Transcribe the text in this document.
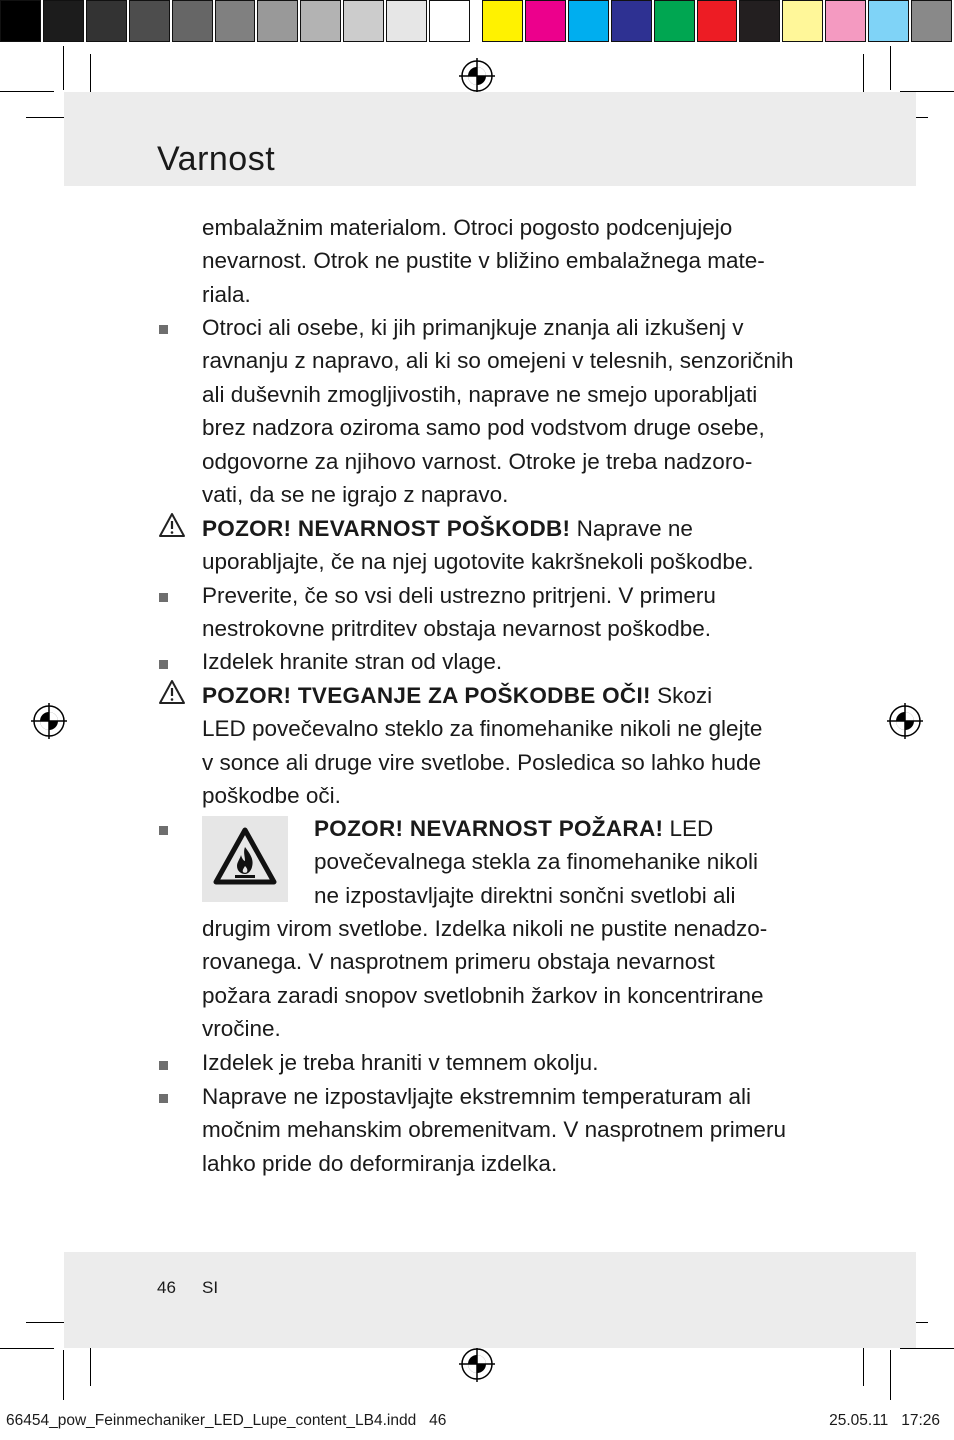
Varnost
embalažnim materialom. Otroci pogosto podcenjujejo
nevarnost. Otrok ne pustite v bližino embalažnega mate-
riala.
Otroci ali osebe, ki jih primanjkuje znanja ali izkušenj v
ravnanju z napravo, ali ki so omejeni v telesnih, senzoričnih
ali duševnih zmogljivostih, naprave ne smejo uporabljati
brez nadzora oziroma samo pod vodstvom druge osebe,
odgovorne za njihovo varnost. Otroke je treba nadzoro-
vati, da se ne igrajo z napravo.
POZOR! NEVARNOST POŠKODB! Naprave ne
uporabljajte, če na njej ugotovite kakršnekoli poškodbe.
Preverite, če so vsi deli ustrezno pritrjeni. V primeru
nestrokovne pritrditev obstaja nevarnost poškodbe.
Izdelek hranite stran od vlage.
POZOR! TVEGANJE ZA POŠKODBE OČI! Skozi
LED povečevalno steklo za finomehanike nikoli ne glejte
v sonce ali druge vire svetlobe. Posledica so lahko hude
poškodbe oči.
POZOR! NEVARNOST POŽARA! LED
povečevalnega stekla za finomehanike nikoli
ne izpostavljajte direktni sončni svetlobi ali
drugim virom svetlobe. Izdelka nikoli ne pustite nenadzo-
rovanega. V nasprotnem primeru obstaja nevarnost
požara zaradi snopov svetlobnih žarkov in koncentrirane
vročine.
Izdelek je treba hraniti v temnem okolju.
Naprave ne izpostavljajte ekstremnim temperaturam ali
močnim mehanskim obremenitvam. V nasprotnem primeru
lahko pride do deformiranja izdelka.
46 SI
66454_pow_Feinmechaniker_LED_Lupe_content_LB4.indd   46	25.05.11   17:26
